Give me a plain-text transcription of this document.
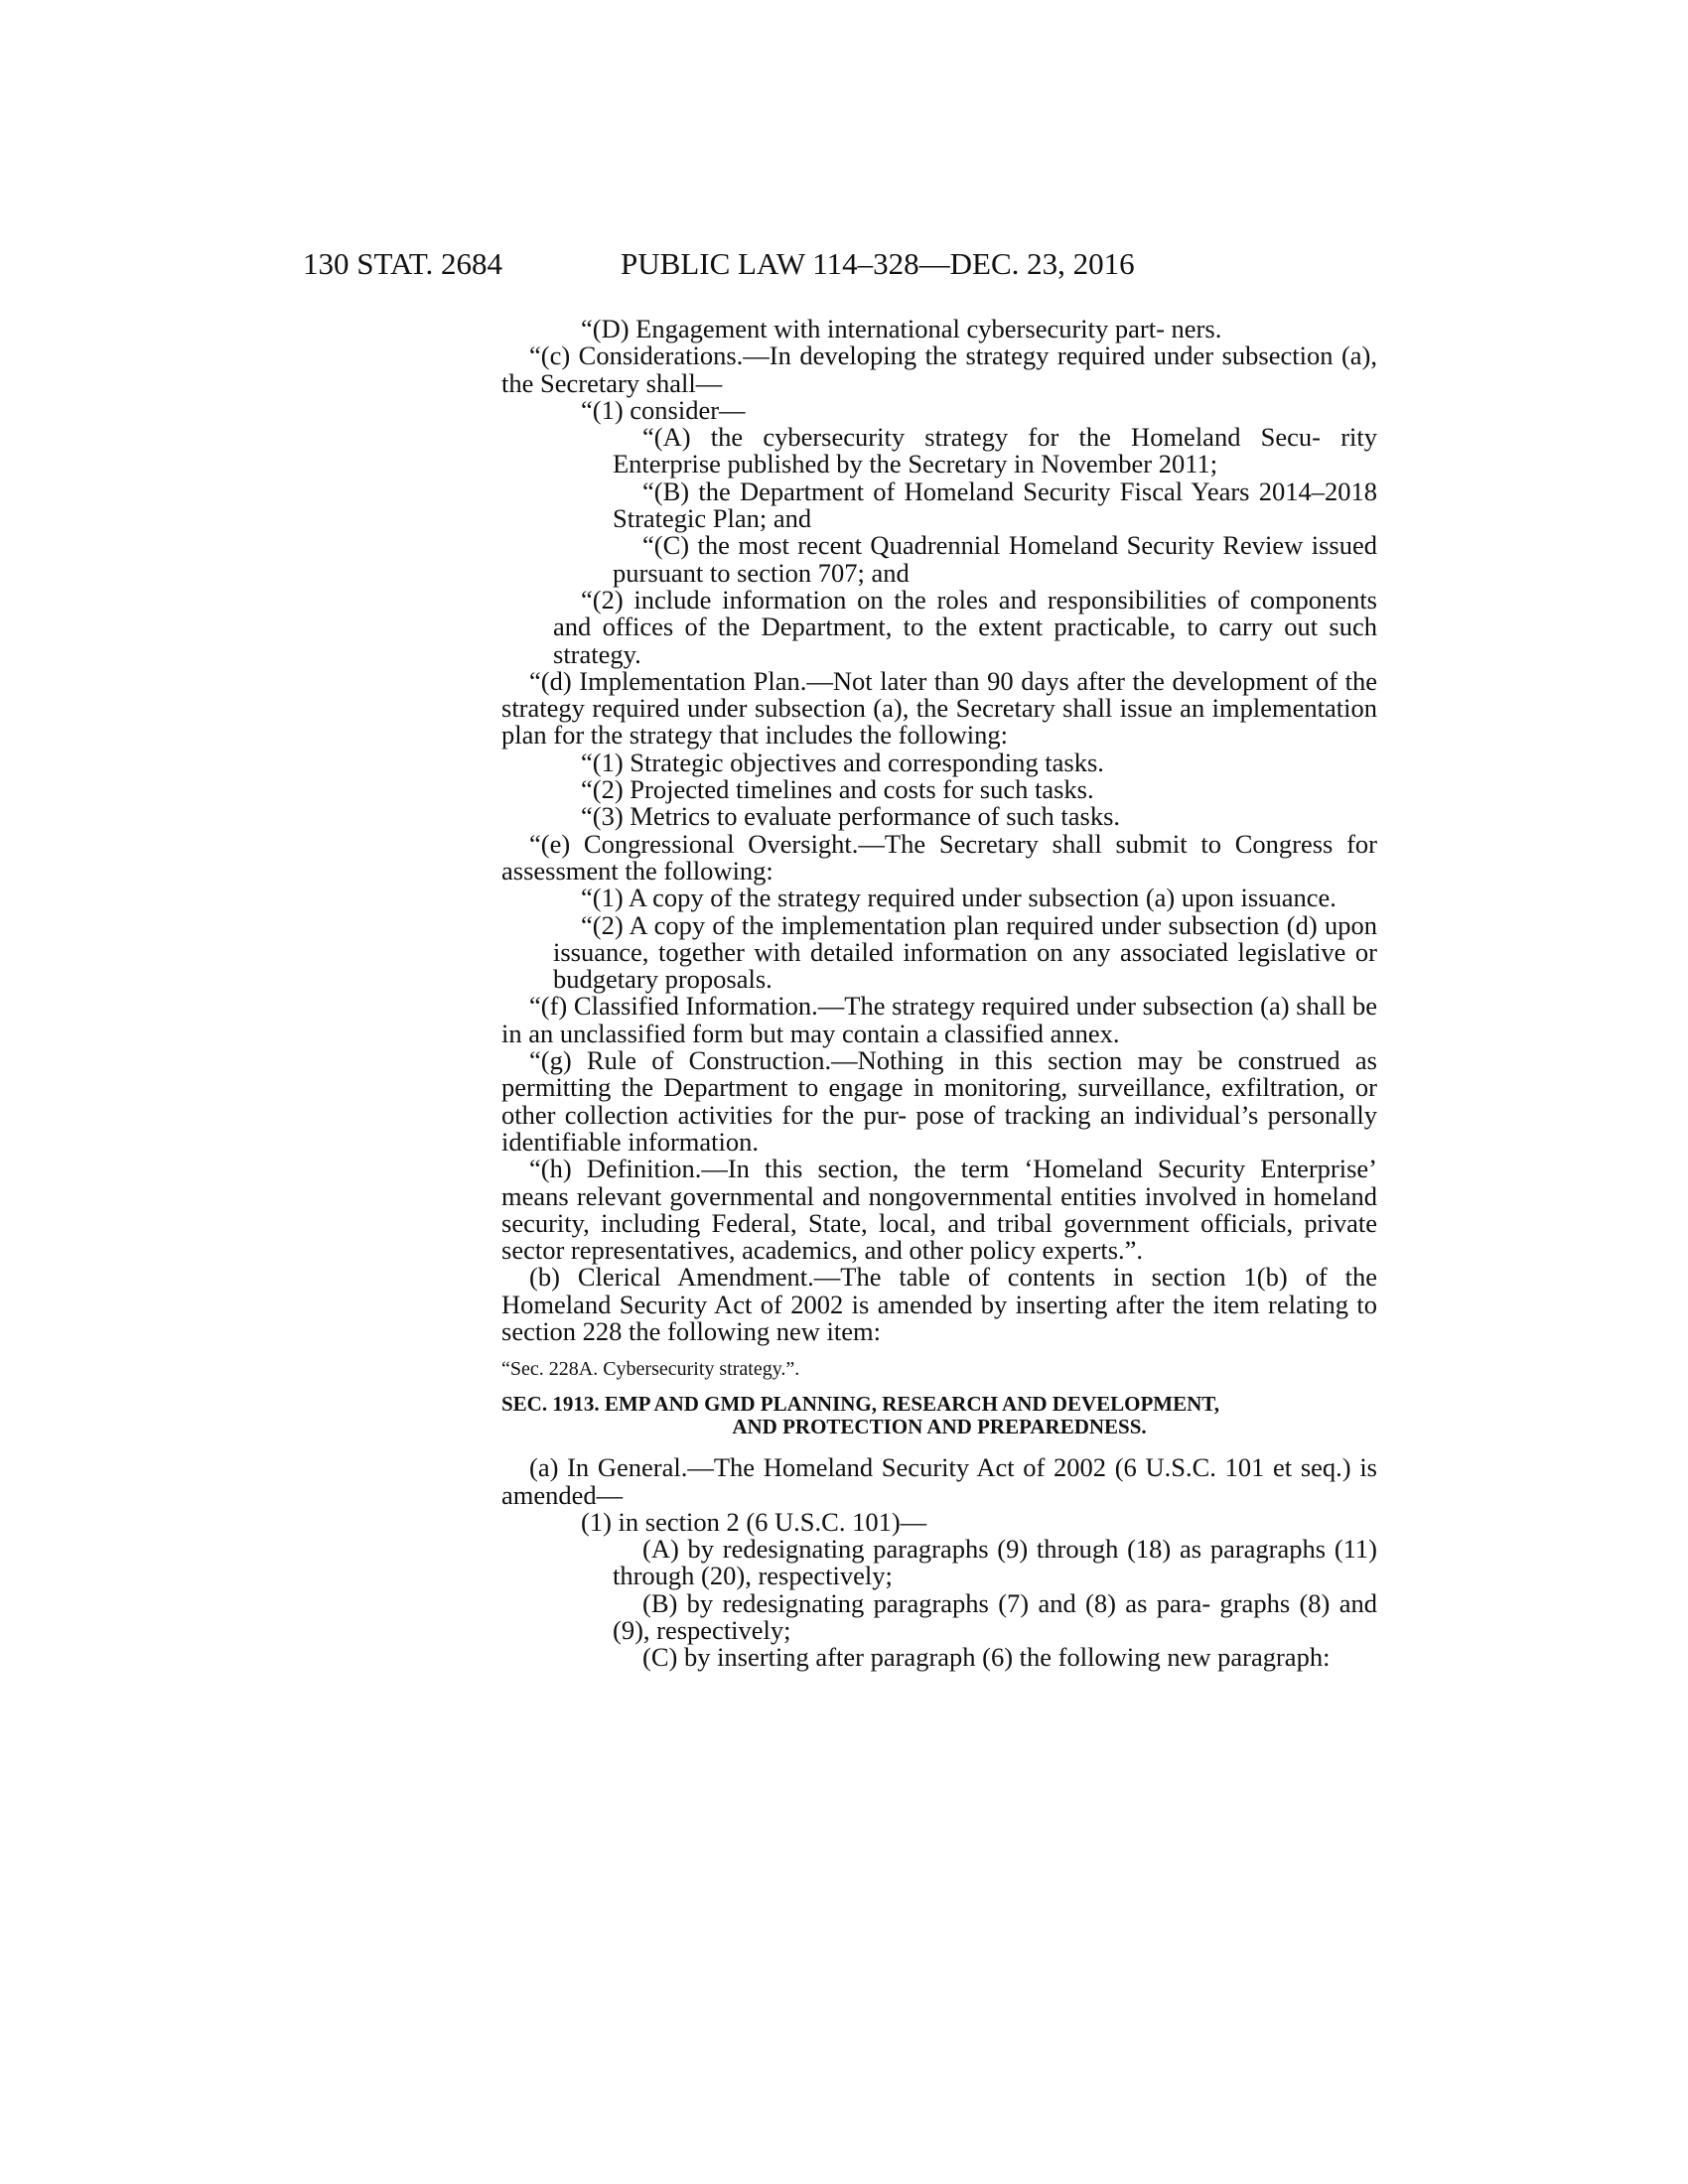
130 STAT. 2684	PUBLIC LAW 114–328—DEC. 23, 2016

“(D) Engagement with international cybersecurity part- ners.

“(c) Considerations.—In developing the strategy required under subsection (a), the Secretary shall—

“(1) consider—

“(A) the cybersecurity strategy for the Homeland Secu- rity Enterprise published by the Secretary in November 2011;

“(B) the Department of Homeland Security Fiscal Years 2014–2018 Strategic Plan; and

“(C) the most recent Quadrennial Homeland Security Review issued pursuant to section 707; and

“(2) include information on the roles and responsibilities of components and offices of the Department, to the extent practicable, to carry out such strategy.

“(d) Implementation Plan.—Not later than 90 days after the development of the strategy required under subsection (a), the Secretary shall issue an implementation plan for the strategy that includes the following:

“(1) Strategic objectives and corresponding tasks.

“(2) Projected timelines and costs for such tasks.

“(3) Metrics to evaluate performance of such tasks.

“(e) Congressional Oversight.—The Secretary shall submit to Congress for assessment the following:

“(1) A copy of the strategy required under subsection (a) upon issuance.

“(2) A copy of the implementation plan required under subsection (d) upon issuance, together with detailed information on any associated legislative or budgetary proposals.

“(f) Classified Information.—The strategy required under subsection (a) shall be in an unclassified form but may contain a classified annex.

“(g) Rule of Construction.—Nothing in this section may be construed as permitting the Department to engage in monitoring, surveillance, exfiltration, or other collection activities for the pur- pose of tracking an individual’s personally identifiable information.

“(h) Definition.—In this section, the term ‘Homeland Security Enterprise’ means relevant governmental and nongovernmental entities involved in homeland security, including Federal, State, local, and tribal government officials, private sector representatives, academics, and other policy experts.”.

(b) Clerical Amendment.—The table of contents in section 1(b) of the Homeland Security Act of 2002 is amended by inserting after the item relating to section 228 the following new item:

“Sec. 228A. Cybersecurity strategy.”.

SEC. 1913. EMP AND GMD PLANNING, RESEARCH AND DEVELOPMENT,

AND PROTECTION AND PREPAREDNESS.

(a) In General.—The Homeland Security Act of 2002 (6 U.S.C. 101 et seq.) is amended—

(1) in section 2 (6 U.S.C. 101)—

(A) by redesignating paragraphs (9) through (18) as paragraphs (11) through (20), respectively;

(B) by redesignating paragraphs (7) and (8) as para- graphs (8) and (9), respectively;

(C) by inserting after paragraph (6) the following new paragraph:
